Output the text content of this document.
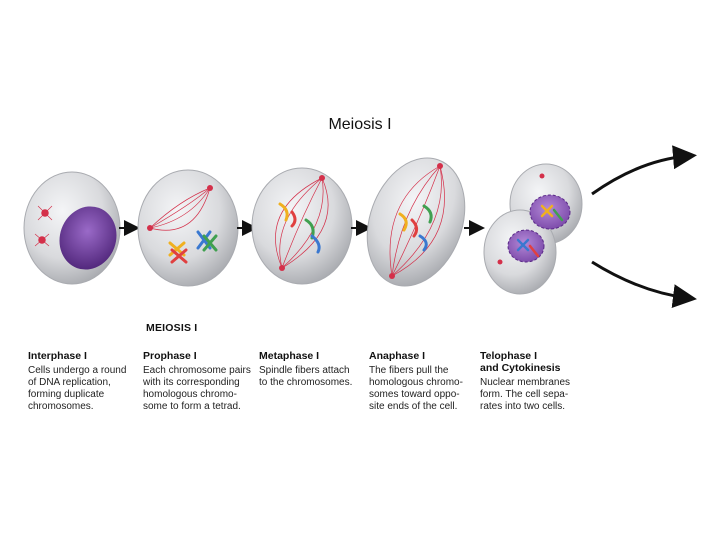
Meiosis I
MEIOSIS I
Interphase I
Cells undergo a round
of DNA replication,
forming duplicate
chromosomes.
Prophase I
Each chromosome pairs
with its corresponding
homologous chromo-
some to form a tetrad.
Metaphase I
Spindle fibers attach
to the chromosomes.
Anaphase I
The fibers pull the
homologous chromo-
somes toward oppo-
site ends of the cell.
Telophase I
and Cytokinesis
Nuclear membranes
form. The cell sepa-
rates into two cells.
